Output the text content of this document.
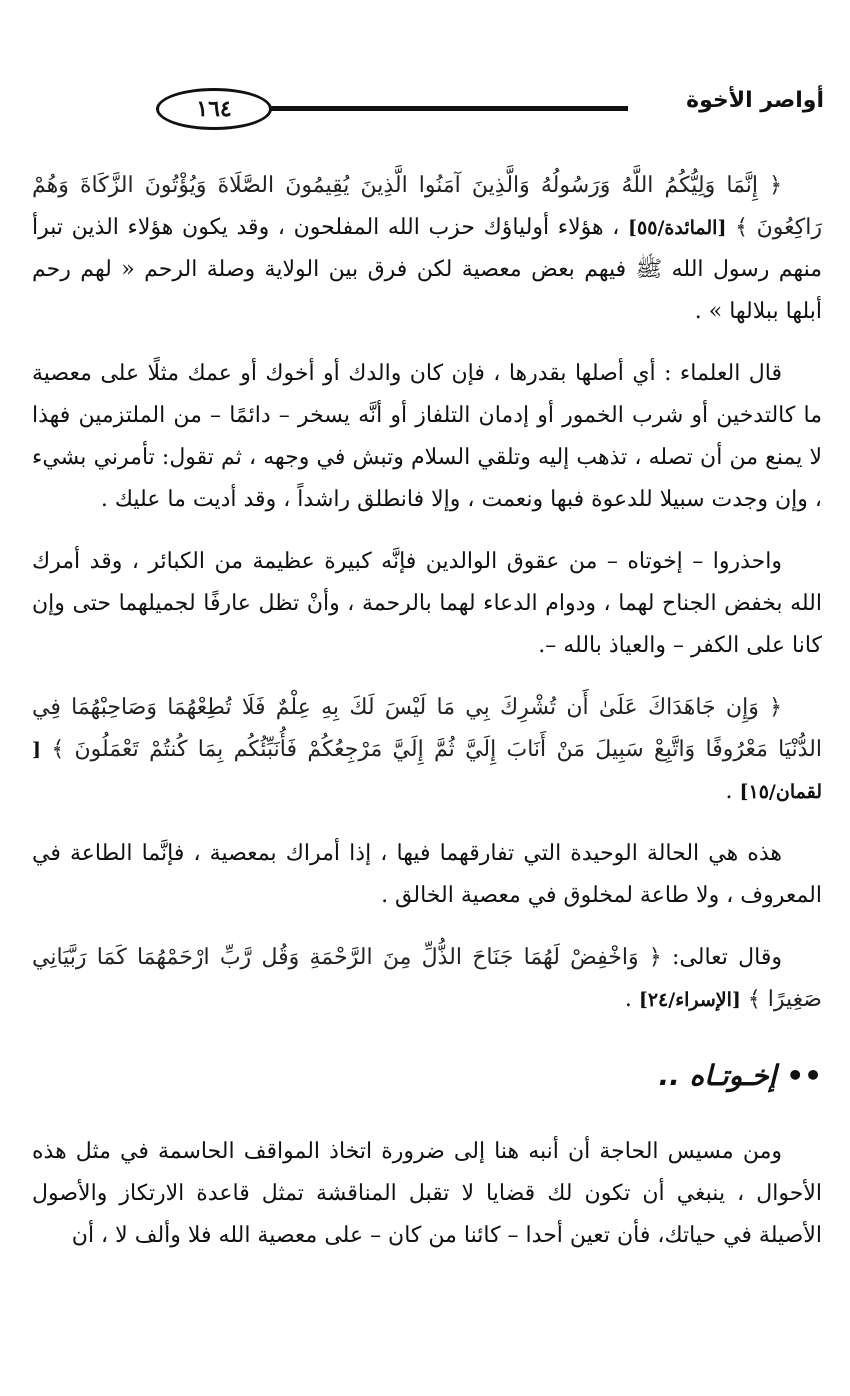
١٦٤	أواصر الأخوة

﴿ إِنَّمَا وَلِيُّكُمُ اللَّهُ وَرَسُولُهُ وَالَّذِينَ آمَنُوا الَّذِينَ يُقِيمُونَ الصَّلَاةَ وَيُؤْتُونَ الزَّكَاةَ وَهُمْ رَاكِعُونَ ﴾ [المائدة/٥٥] ، هؤلاء أولياؤك حزب الله المفلحون ، وقد يكون هؤلاء الذين تبرأ منهم رسول الله ﷺ فيهم بعض معصية لكن فرق بين الولاية وصلة الرحم « لهم رحم أبلها ببلالها » .

قال العلماء : أي أصلها بقدرها ، فإن كان والدك أو أخوك أو عمك مثلًا على معصية ما كالتدخين أو شرب الخمور أو إدمان التلفاز أو أنَّه يسخر – دائمًا – من الملتزمين فهذا لا يمنع من أن تصله ، تذهب إليه وتلقي السلام وتبش في وجهه ، ثم تقول: تأمرني بشيء ، وإن وجدت سبيلا للدعوة فبها ونعمت ، وإلا فانطلق راشداً ، وقد أديت ما عليك .

واحذروا – إخوتاه – من عقوق الوالدين فإنَّه كبيرة عظيمة من الكبائر ، وقد أمرك الله بخفض الجناح لهما ، ودوام الدعاء لهما بالرحمة ، وأنْ تظل عارفًا لجميلهما حتى وإن كانا على الكفر – والعياذ بالله –.

﴿ وَإِن جَاهَدَاكَ عَلَىٰ أَن تُشْرِكَ بِي مَا لَيْسَ لَكَ بِهِ عِلْمٌ فَلَا تُطِعْهُمَا وَصَاحِبْهُمَا فِي الدُّنْيَا مَعْرُوفًا وَاتَّبِعْ سَبِيلَ مَنْ أَنَابَ إِلَيَّ ثُمَّ إِلَيَّ مَرْجِعُكُمْ فَأُنَبِّئُكُم بِمَا كُنتُمْ تَعْمَلُونَ ﴾ [ لقمان/١٥] .

هذه هي الحالة الوحيدة التي تفارقهما فيها ، إذا أمراك بمعصية ، فإنَّما الطاعة في المعروف ، ولا طاعة لمخلوق في معصية الخالق .

وقال تعالى: ﴿ وَاخْفِضْ لَهُمَا جَنَاحَ الذُّلِّ مِنَ الرَّحْمَةِ وَقُل رَّبِّ ارْحَمْهُمَا كَمَا رَبَّيَانِي صَغِيرًا ﴾ [الإسراء/٢٤] .

•• إخـوتـاه ..

ومن مسيس الحاجة أن أنبه هنا إلى ضرورة اتخاذ المواقف الحاسمة في مثل هذه الأحوال ، ينبغي أن تكون لك قضايا لا تقبل المناقشة تمثل قاعدة الارتكاز والأصول الأصيلة في حياتك، فأن تعين أحدا – كائنا من كان – على معصية الله فلا وألف لا ، أن
